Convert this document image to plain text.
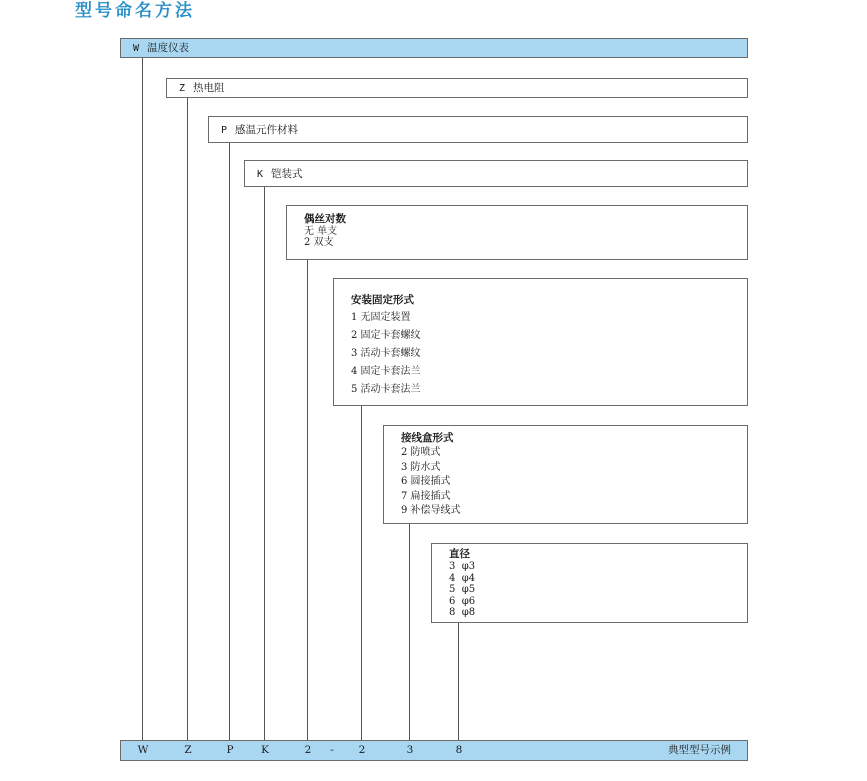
型号命名方法
W 温度仪表
Z 热电阻
P 感温元件材料
K 铠装式
偶丝对数
无 单支
2 双支
安装固定形式
1 无固定装置
2 固定卡套螺纹
3 活动卡套螺纹
4 固定卡套法兰
5 活动卡套法兰
接线盒形式
2 防喷式
3 防水式
6 圆接插式
7 扁接插式
9 补偿导线式
直径
3  φ3
4  φ4
5  φ5
6  φ6
8  φ8
W	Z	P	K	2 - 2	3	8	典型型号示例
